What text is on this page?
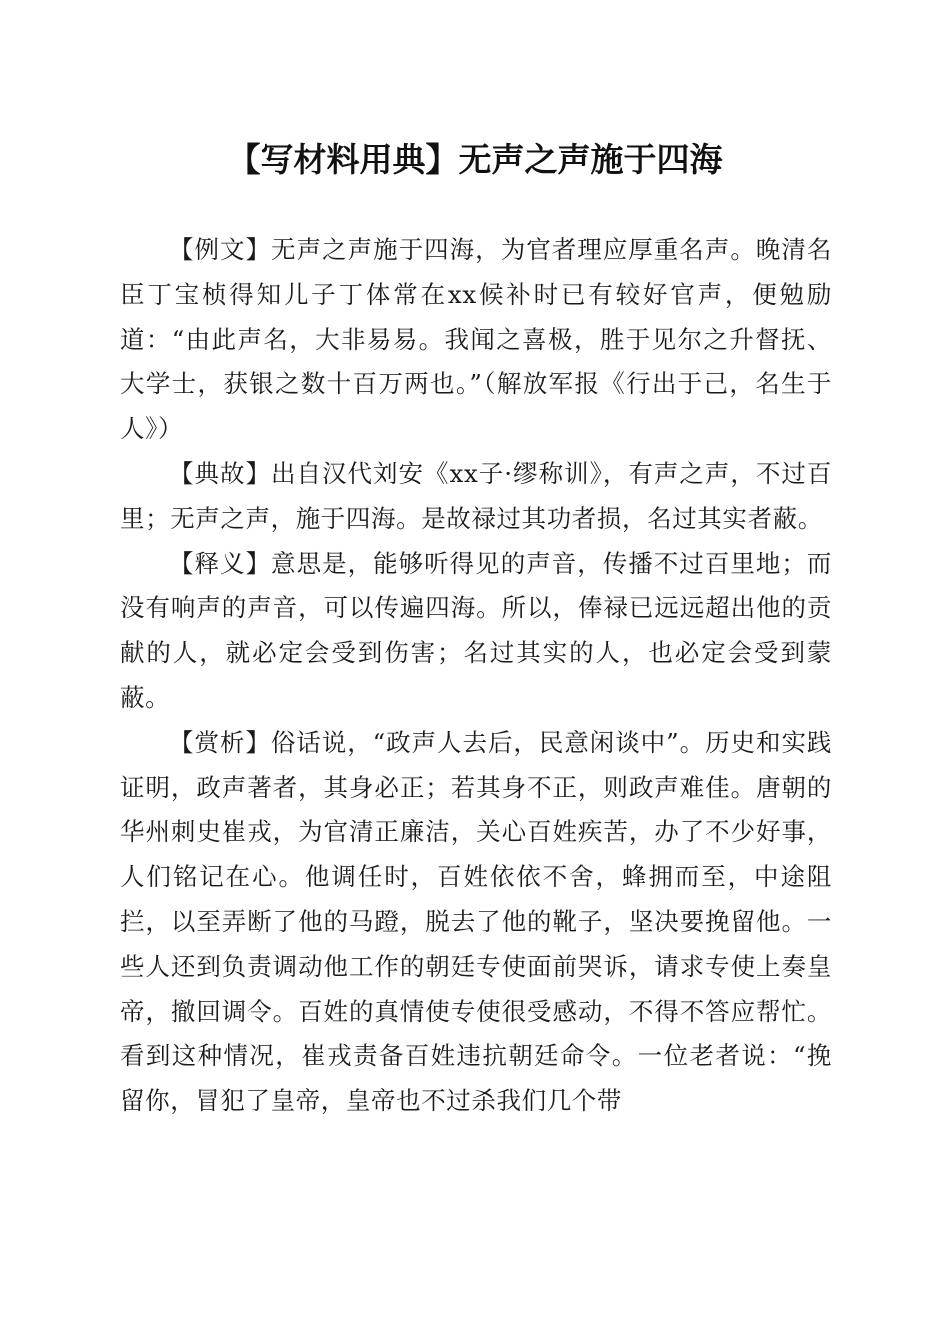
【写材料用典】无声之声施于四海

【例文】无声之声施于四海，为官者理应厚重名声。晚清名臣丁宝桢得知儿子丁体常在xx候补时已有较好官声，便勉励道：“由此声名，大非易易。我闻之喜极，胜于见尔之升督抚、大学士，获银之数十百万两也。”（解放军报《行出于己，名生于人》）

【典故】出自汉代刘安《xx子·缪称训》，有声之声，不过百里；无声之声，施于四海。是故禄过其功者损，名过其实者蔽。

【释义】意思是，能够听得见的声音，传播不过百里地；而没有响声的声音，可以传遍四海。所以，俸禄已远远超出他的贡献的人，就必定会受到伤害；名过其实的人，也必定会受到蒙蔽。

【赏析】俗话说，“政声人去后，民意闲谈中”。历史和实践证明，政声著者，其身必正；若其身不正，则政声难佳。唐朝的华州刺史崔戎，为官清正廉洁，关心百姓疾苦，办了不少好事，人们铭记在心。他调任时，百姓依依不舍，蜂拥而至，中途阻拦，以至弄断了他的马蹬，脱去了他的靴子，坚决要挽留他。一些人还到负责调动他工作的朝廷专使面前哭诉，请求专使上奏皇帝，撤回调令。百姓的真情使专使很受感动，不得不答应帮忙。看到这种情况，崔戎责备百姓违抗朝廷命令。一位老者说：“挽留你，冒犯了皇帝，皇帝也不过杀我们几个带
